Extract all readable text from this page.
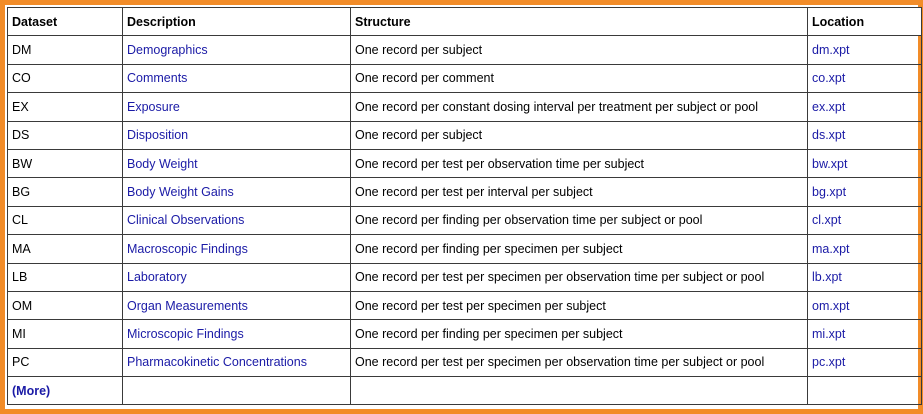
Dataset	Description	Structure	Location
DM	Demographics	One record per subject	dm.xpt
CO	Comments	One record per comment	co.xpt
EX	Exposure	One record per constant dosing interval per treatment per subject or pool	ex.xpt
DS	Disposition	One record per subject	ds.xpt
BW	Body Weight	One record per test per observation time per subject	bw.xpt
BG	Body Weight Gains	One record per test per interval per subject	bg.xpt
CL	Clinical Observations	One record per finding per observation time per subject or pool	cl.xpt
MA	Macroscopic Findings	One record per finding per specimen per subject	ma.xpt
LB	Laboratory	One record per test per specimen per observation time per subject or pool	lb.xpt
OM	Organ Measurements	One record per test per specimen per subject	om.xpt
MI	Microscopic Findings	One record per finding per specimen per subject	mi.xpt
PC	Pharmacokinetic Concentrations	One record per test per specimen per observation time per subject or pool	pc.xpt
(More)			
